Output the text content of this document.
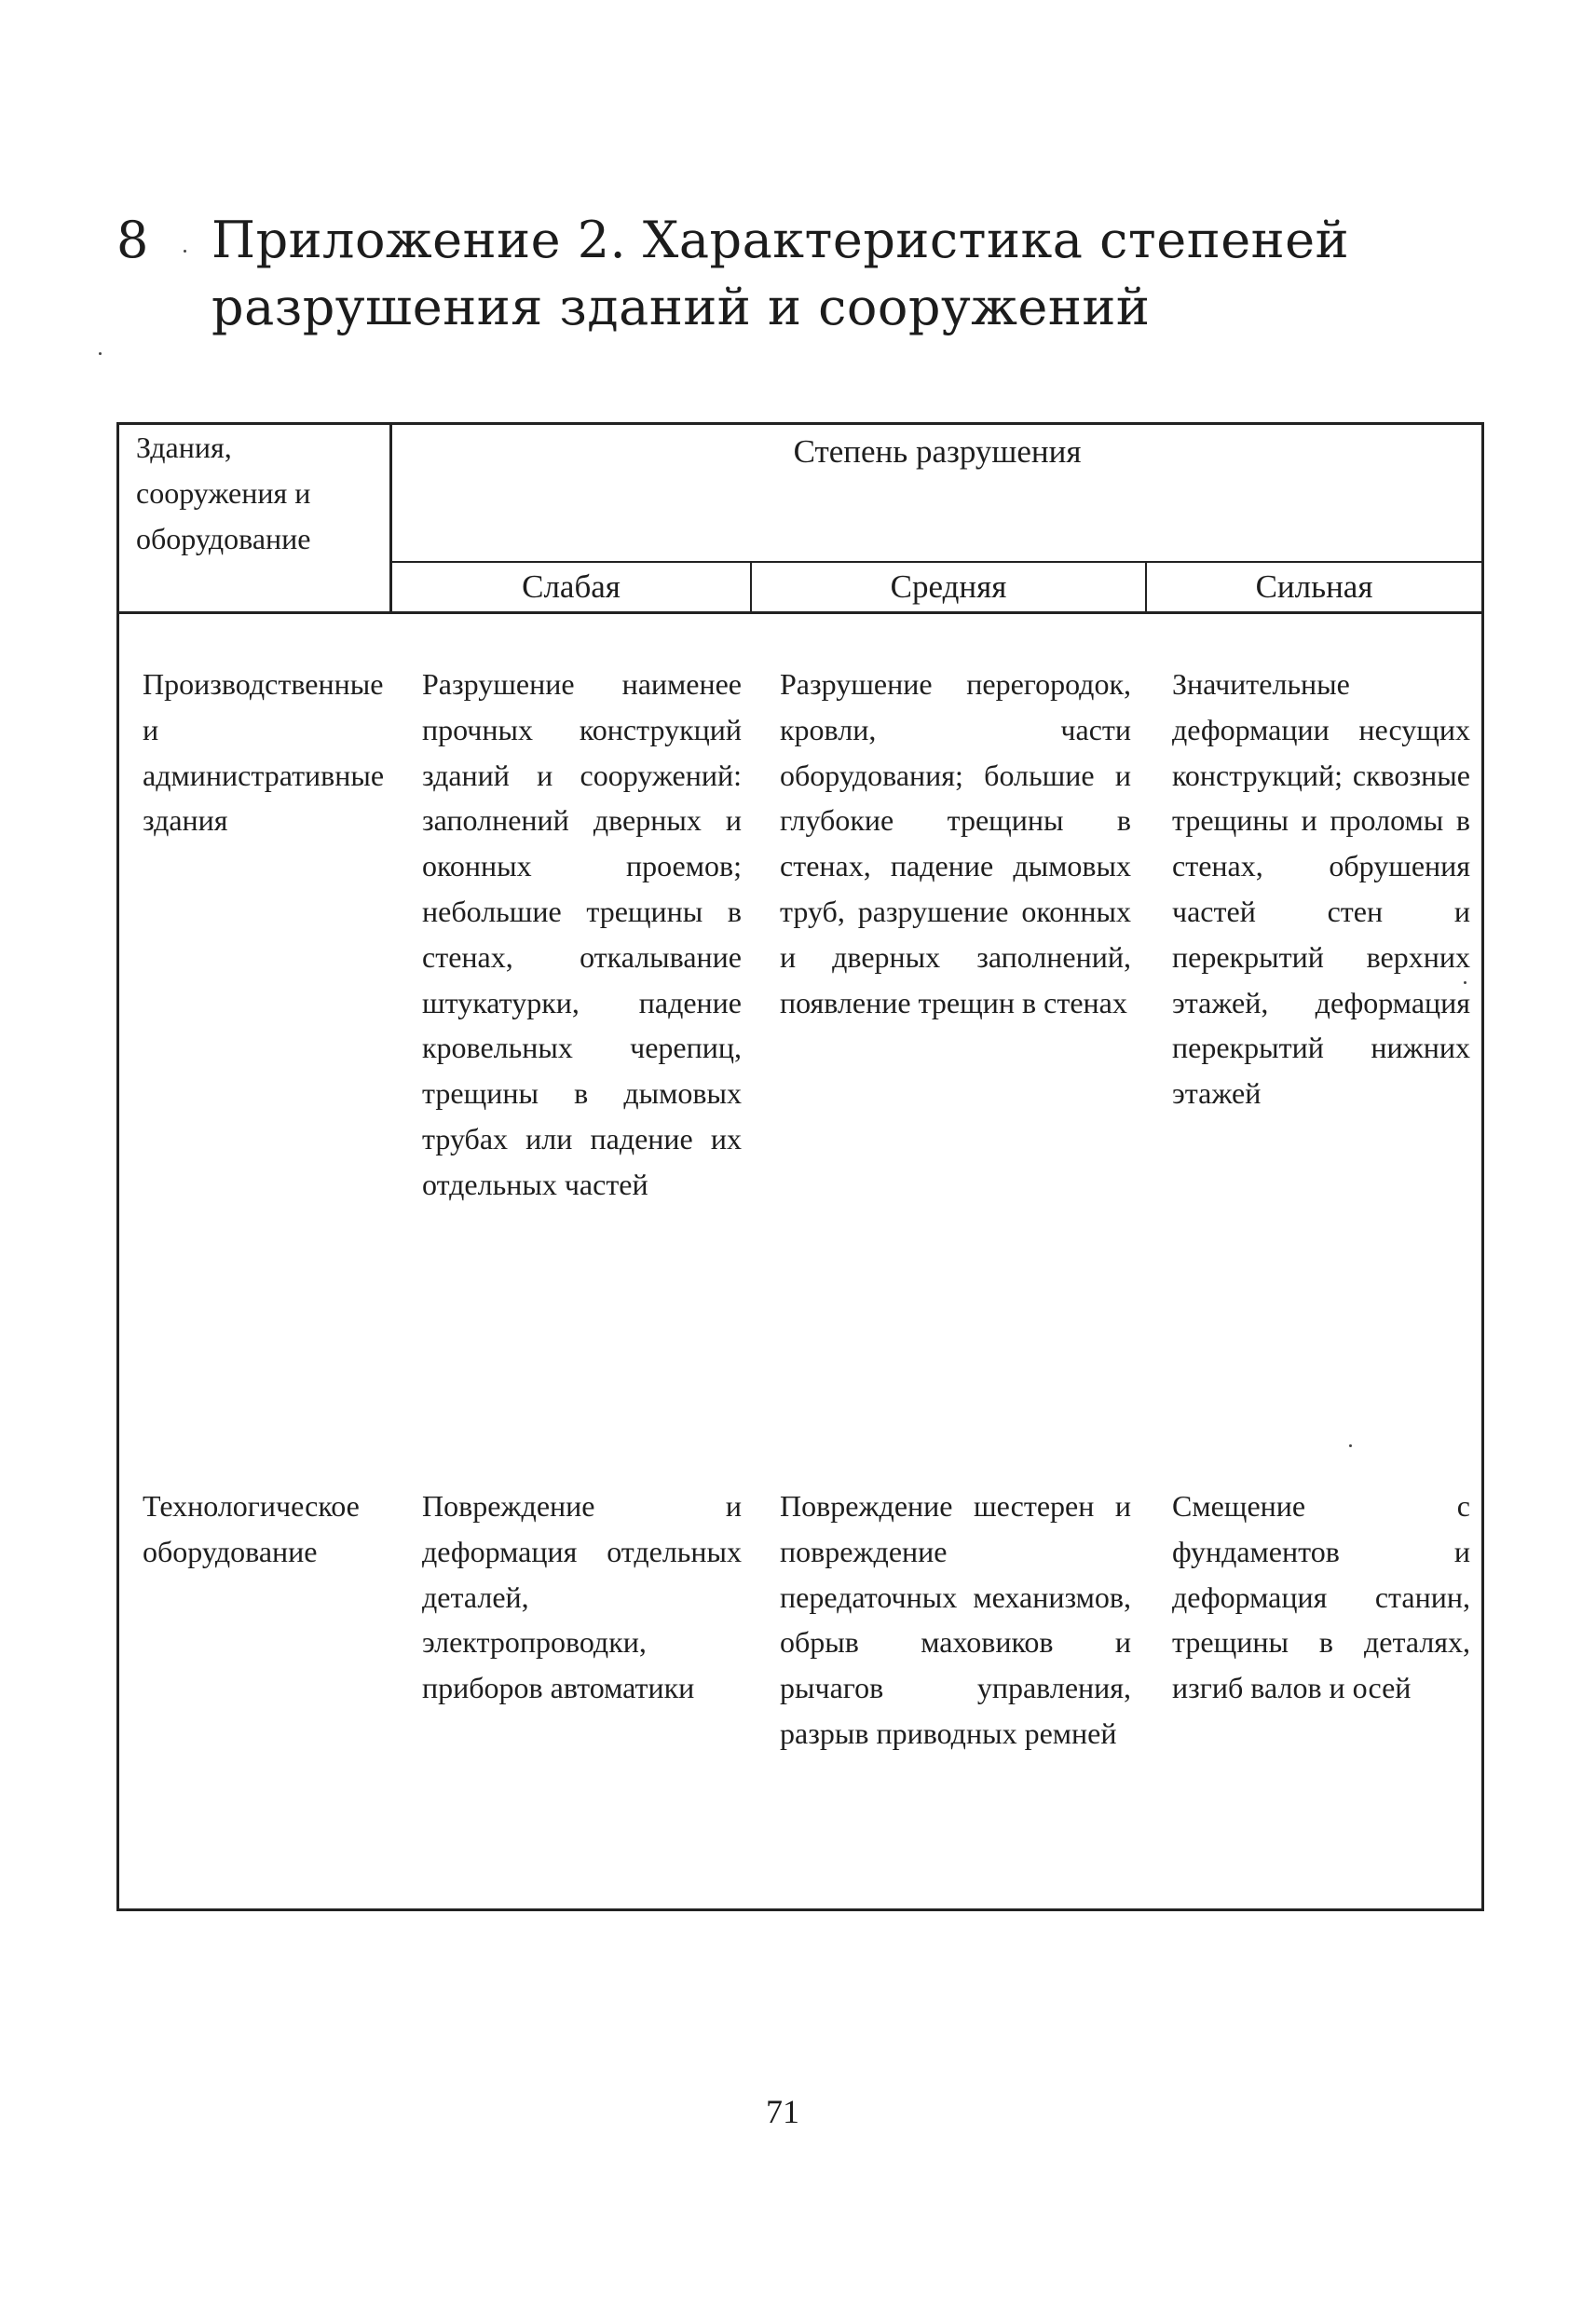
8 Приложение 2. Характеристика степеней разрушения зданий и сооружений
Здания, сооружения и оборудование
Степень разрушения
Слабая	Средняя	Сильная
Производственные и административные здания
Разрушение наименее прочных конструкций зданий и сооружений: заполнений дверных и оконных проемов; небольшие трещины в стенах, откалывание штукатурки, падение кровельных черепиц, трещины в дымовых трубах или падение их отдельных частей
Разрушение перегородок, кровли, части оборудования; большие и глубокие трещины в стенах, падение дымовых труб, разрушение оконных и дверных заполнений, появление трещин в стенах
Значительные деформации несущих конструкций; сквозные трещины и проломы в стенах, обрушения частей стен и перекрытий верхних этажей, деформация перекрытий нижних этажей
Технологическое оборудование
Повреждение и деформация отдельных деталей, электропроводки, приборов автоматики
Повреждение шестерен и повреждение передаточных механизмов, обрыв маховиков и рычагов управления, разрыв приводных ремней
Смещение с фундаментов и деформация станин, трещины в деталях, изгиб валов и осей
71
